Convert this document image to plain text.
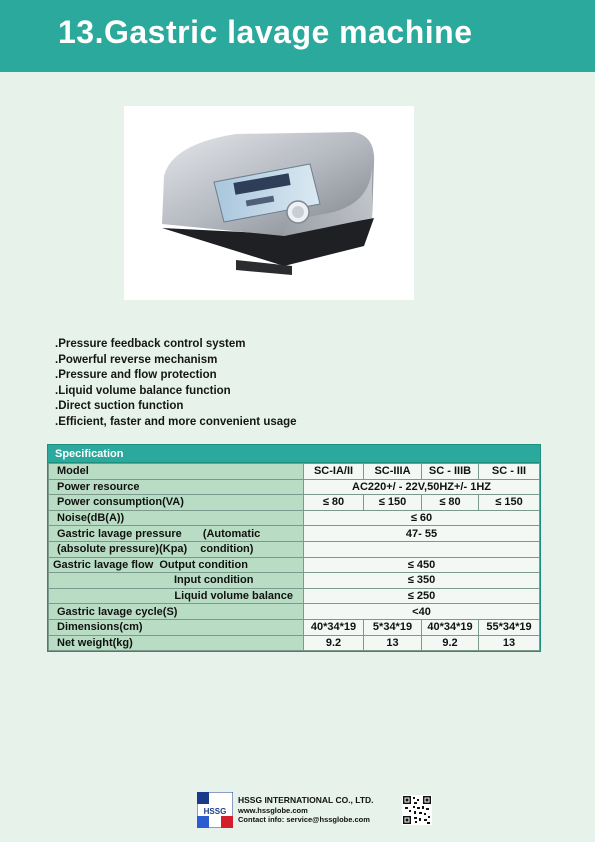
13.Gastric lavage machine
.Pressure feedback control system
.Powerful reverse mechanism
.Pressure and flow protection
.Liquid volume balance function
.Direct suction function
.Efficient, faster and more convenient usage
Specification
Model	SC-IA/II	SC-IIIA	SC - IIIB	SC - III
Power resource	AC220+/ - 22V,50HZ+/- 1HZ			
Power consumption(VA)	≤ 80	≤ 150	≤ 80	≤ 150
Noise(dB(A))	≤ 60			
Gastric lavage pressure (Automatic	47- 55			
(absolute pressure)(Kpa) condition)				
Gastric lavage flow Output condition	≤ 450			
Input condition	≤ 350			
Liquid volume balance	≤ 250			
Gastric lavage cycle(S)	<40			
Dimensions(cm)	40*34*19	5*34*19	40*34*19	55*34*19
Net weight(kg)	9.2	13	9.2	13
HSSG
HSSG INTERNATIONAL CO., LTD.
www.hssglobe.com
Contact info: service@hssglobe.com
